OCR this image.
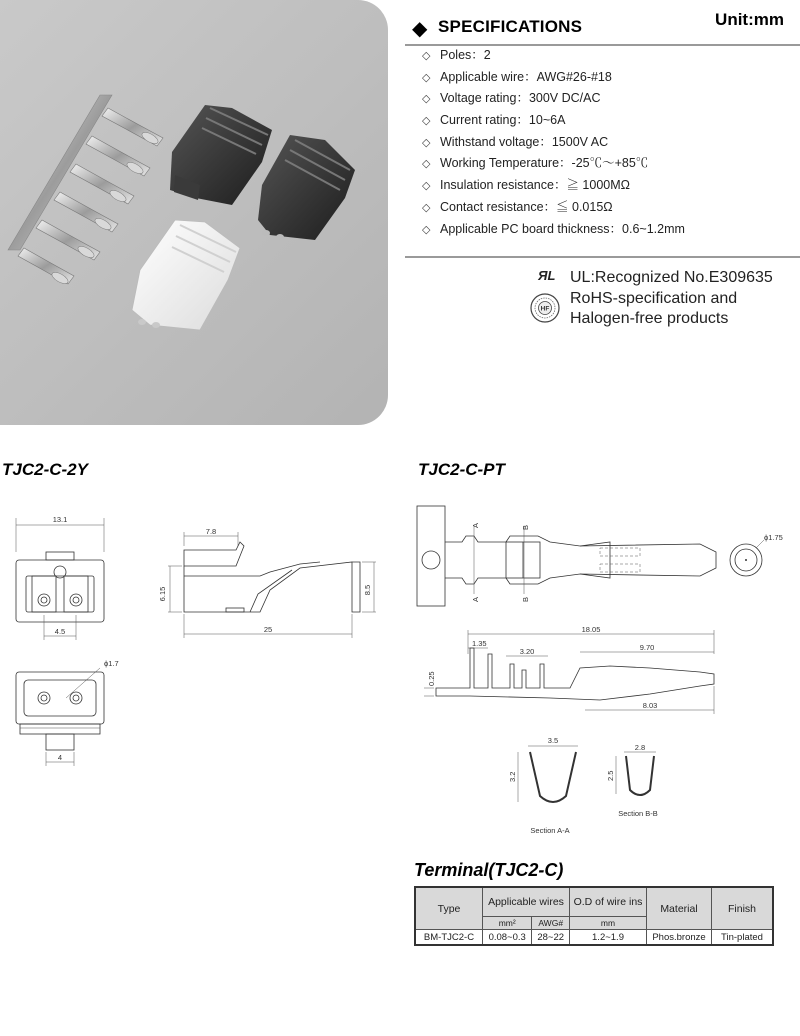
◆ SPECIFICATIONS	Unit:mm
◇ Poles：2
◇ Applicable wire：AWG#26-#18
◇ Voltage rating：300V DC/AC
◇ Current rating：10~6A
◇ Withstand voltage：1500V AC
◇ Working Temperature：-25℃～+85℃
◇ Insulation resistance：≧ 1000MΩ
◇ Contact resistance：≦ 0.015Ω
◇ Applicable PC board thickness：0.6~1.2mm
ЯL
HF
UL:Recognized No.E309635
RoHS-specification and
Halogen-free products
TJC2-C-2Y	TJC2-C-PT
13.1
4.5
7.8
6.15	8.5
25
ϕ1.7
4
A
A
B
B
ϕ1.75
18.05
1.35
3.20	9.70
0.25
8.03
3.5
3.2
Section A-A
2.8
2.5
Section B-B
Terminal(TJC2-C)
Type	Applicable wires		O.D of wire ins	Material	Finish
	mm²	AWG#	mm		
BM-TJC2-C	0.08~0.3	28~22	1.2~1.9	Phos.bronze	Tin-plated
